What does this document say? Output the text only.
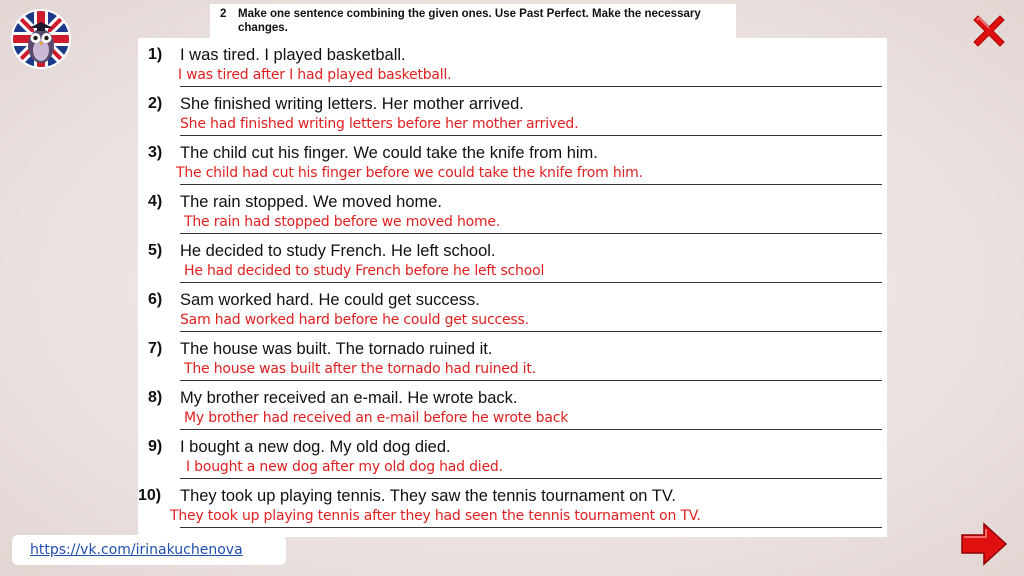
2 Make one sentence combining the given ones. Use Past Perfect. Make the necessary changes.
1) I was tired. I played basketball.
I was tired after I had played basketball.
2) She finished writing letters. Her mother arrived.
She had finished writing letters before her mother arrived.
3) The child cut his finger. We could take the knife from him.
The child had cut his finger before we could take the knife from him.
4) The rain stopped. We moved home.
The rain had stopped before we moved home.
5) He decided to study French. He left school.
He had decided to study French before he left school
6) Sam worked hard. He could get success.
Sam had worked hard before he could get success.
7) The house was built. The tornado ruined it.
The house was built after the tornado had ruined it.
8) My brother received an e-mail. He wrote back.
My brother had received an e-mail before he wrote back
9) I bought a new dog. My old dog died.
I bought a new dog after my old dog had died.
10) They took up playing tennis. They saw the tennis tournament on TV.
They took up playing tennis after they had seen the tennis tournament on TV.
https://vk.com/irinakuchenova
